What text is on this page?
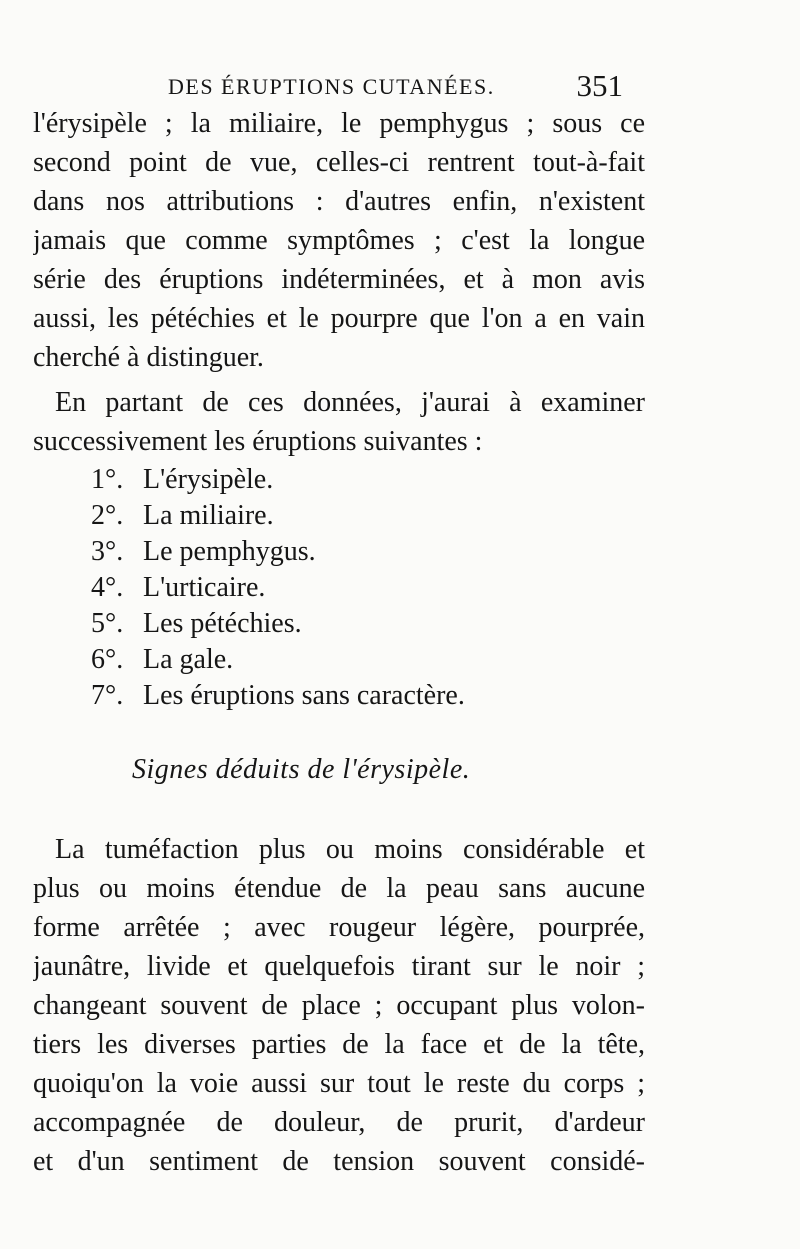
DES ÉRUPTIONS CUTANÉES.	351
l'érysipèle ; la miliaire, le pemphygus ; sous ce
second point de vue, celles-ci rentrent tout-à-fait
dans nos attributions : d'autres enfin, n'existent
jamais que comme symptômes ; c'est la longue
série des éruptions indéterminées, et à mon avis
aussi, les pétéchies et le pourpre que l'on a en vain
cherché à distinguer.
En partant de ces données, j'aurai à examiner
successivement les éruptions suivantes :
1°. L'érysipèle.
2°. La miliaire.
3°. Le pemphygus.
4°. L'urticaire.
5°. Les pétéchies.
6°. La gale.
7°. Les éruptions sans caractère.
Signes déduits de l'érysipèle.
La tuméfaction plus ou moins considérable et
plus ou moins étendue de la peau sans aucune
forme arrêtée ; avec rougeur légère, pourprée,
jaunâtre, livide et quelquefois tirant sur le noir ;
changeant souvent de place ; occupant plus volon-
tiers les diverses parties de la face et de la tête,
quoiqu'on la voie aussi sur tout le reste du corps ;
accompagnée de douleur, de prurit, d'ardeur
et d'un sentiment de tension souvent considé-
